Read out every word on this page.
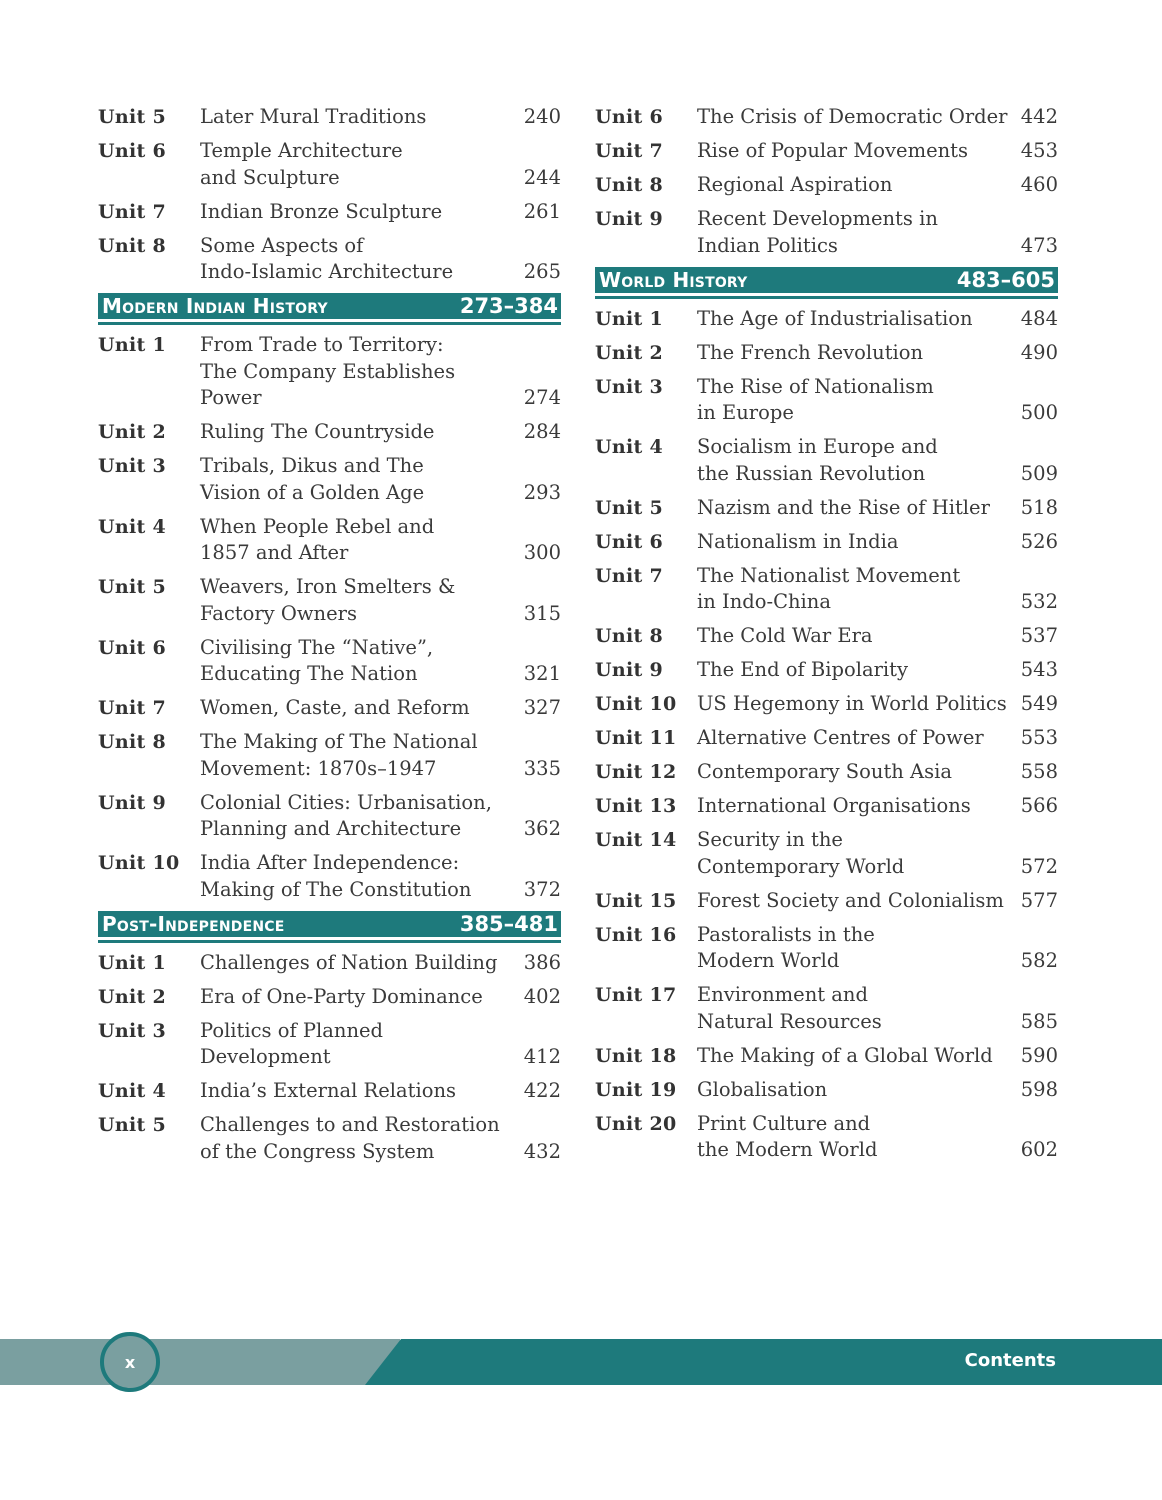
Unit 5	Later Mural Traditions	240
Unit 6	Temple Architecture
and Sculpture	244
Unit 7	Indian Bronze Sculpture	261
Unit 8	Some Aspects of
Indo-Islamic Architecture	265
Modern Indian History	273–384
Unit 1	From Trade to Territory:
The Company Establishes
Power	274
Unit 2	Ruling The Countryside	284
Unit 3	Tribals, Dikus and The
Vision of a Golden Age	293
Unit 4	When People Rebel and
1857 and After	300
Unit 5	Weavers, Iron Smelters &
Factory Owners	315
Unit 6	Civilising The “Native”,
Educating The Nation	321
Unit 7	Women, Caste, and Reform	327
Unit 8	The Making of The National
Movement: 1870s–1947	335
Unit 9	Colonial Cities: Urbanisation,
Planning and Architecture	362
Unit 10	India After Independence:
Making of The Constitution	372
Post-Independence	385–481
Unit 1	Challenges of Nation Building	386
Unit 2	Era of One-Party Dominance	402
Unit 3	Politics of Planned
Development	412
Unit 4	India’s External Relations	422
Unit 5	Challenges to and Restoration
of the Congress System	432
Unit 6	The Crisis of Democratic Order 442
Unit 7	Rise of Popular Movements	453
Unit 8	Regional Aspiration	460
Unit 9	Recent Developments in
Indian Politics	473
World History	483–605
Unit 1	The Age of Industrialisation	484
Unit 2	The French Revolution	490
Unit 3	The Rise of Nationalism
in Europe	500
Unit 4	Socialism in Europe and
the Russian Revolution	509
Unit 5	Nazism and the Rise of Hitler	518
Unit 6	Nationalism in India	526
Unit 7	The Nationalist Movement
in Indo-China	532
Unit 8	The Cold War Era	537
Unit 9	The End of Bipolarity	543
Unit 10	US Hegemony in World Politics 549
Unit 11	Alternative Centres of Power	553
Unit 12	Contemporary South Asia	558
Unit 13	International Organisations	566
Unit 14	Security in the
Contemporary World	572
Unit 15	Forest Society and Colonialism 577
Unit 16	Pastoralists in the
Modern World	582
Unit 17	Environment and
Natural Resources	585
Unit 18	The Making of a Global World	590
Unit 19	Globalisation	598
Unit 20	Print Culture and
the Modern World	602
x	Contents
